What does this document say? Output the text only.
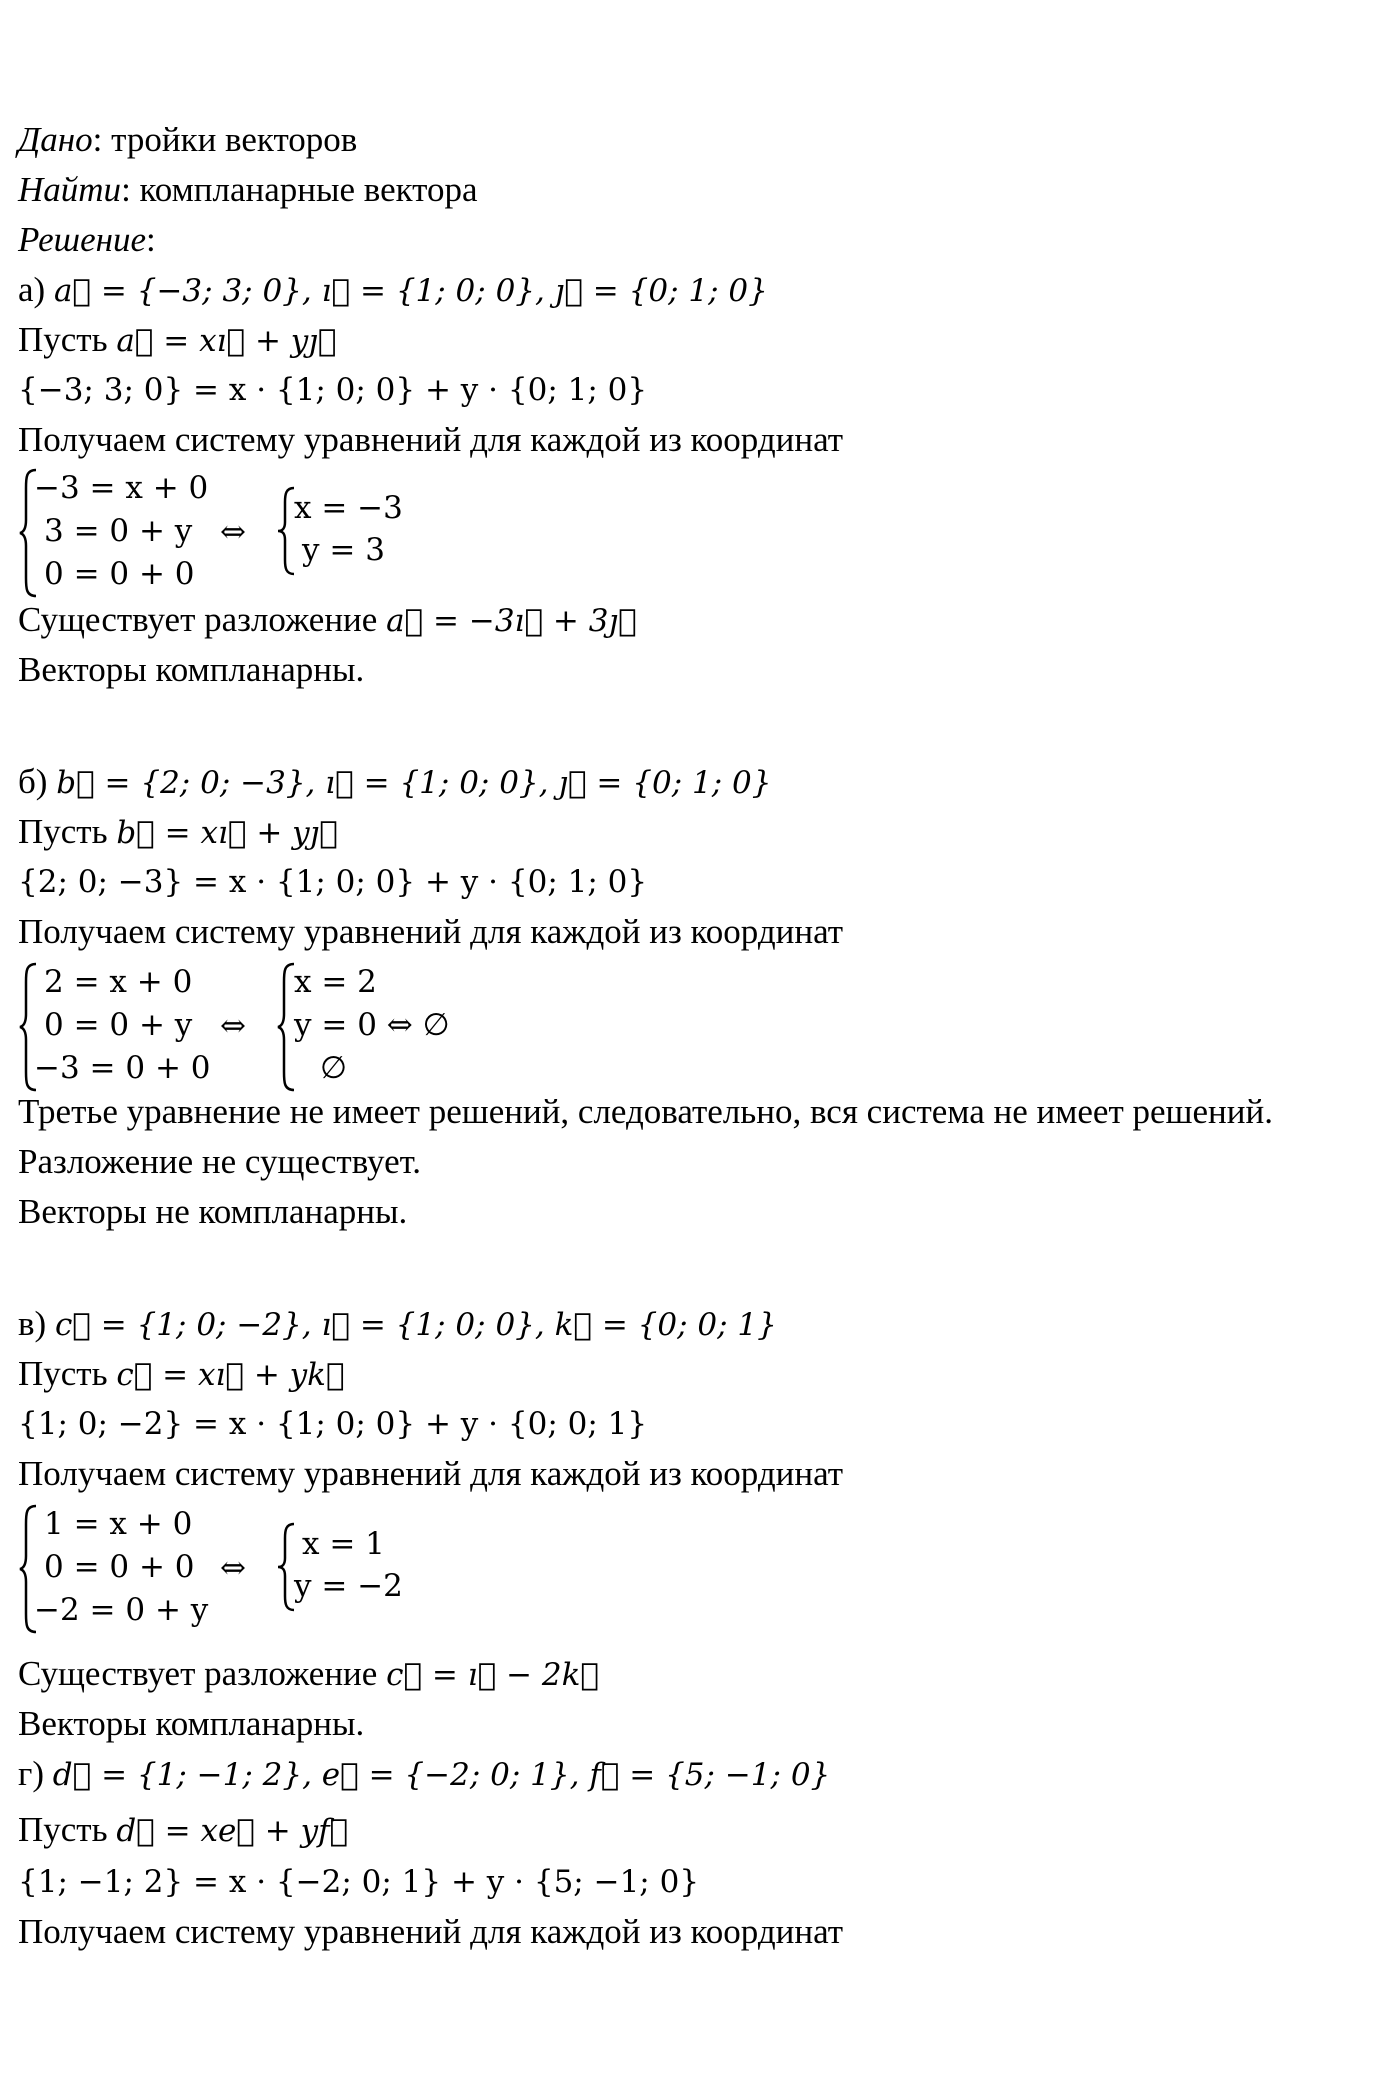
Дано: тройки векторов
Найти: компланарные вектора
Решение:
а) a⃗ = {−3; 3; 0}, ı⃗ = {1; 0; 0}, ȷ⃗ = {0; 1; 0}
Пусть a⃗ = xı⃗ + yȷ⃗
{−3; 3; 0} = x · {1; 0; 0} + y · {0; 1; 0}
Получаем систему уравнений для каждой из координат
−3 = x + 0
3 = 0 + y
0 = 0 + 0
⇔
x = −3
y = 3
Существует разложение a⃗ = −3ı⃗ + 3ȷ⃗
Векторы компланарны.
б) b⃗ = {2; 0; −3}, ı⃗ = {1; 0; 0}, ȷ⃗ = {0; 1; 0}
Пусть b⃗ = xı⃗ + yȷ⃗
{2; 0; −3} = x · {1; 0; 0} + y · {0; 1; 0}
Получаем систему уравнений для каждой из координат
2 = x + 0
0 = 0 + y
−3 = 0 + 0
⇔
x = 2
y = 0 ⇔ ∅
∅
Третье уравнение не имеет решений, следовательно, вся система не имеет решений.
Разложение не существует.
Векторы не компланарны.
в) c⃗ = {1; 0; −2}, ı⃗ = {1; 0; 0}, k⃗ = {0; 0; 1}
Пусть c⃗ = xı⃗ + yk⃗
{1; 0; −2} = x · {1; 0; 0} + y · {0; 0; 1}
Получаем систему уравнений для каждой из координат
1 = x + 0
0 = 0 + 0
−2 = 0 + y
⇔
x = 1
y = −2
Существует разложение c⃗ = ı⃗ − 2k⃗
Векторы компланарны.
г) d⃗ = {1; −1; 2}, e⃗ = {−2; 0; 1}, f⃗ = {5; −1; 0}
Пусть d⃗ = xe⃗ + yf⃗
{1; −1; 2} = x · {−2; 0; 1} + y · {5; −1; 0}
Получаем систему уравнений для каждой из координат
